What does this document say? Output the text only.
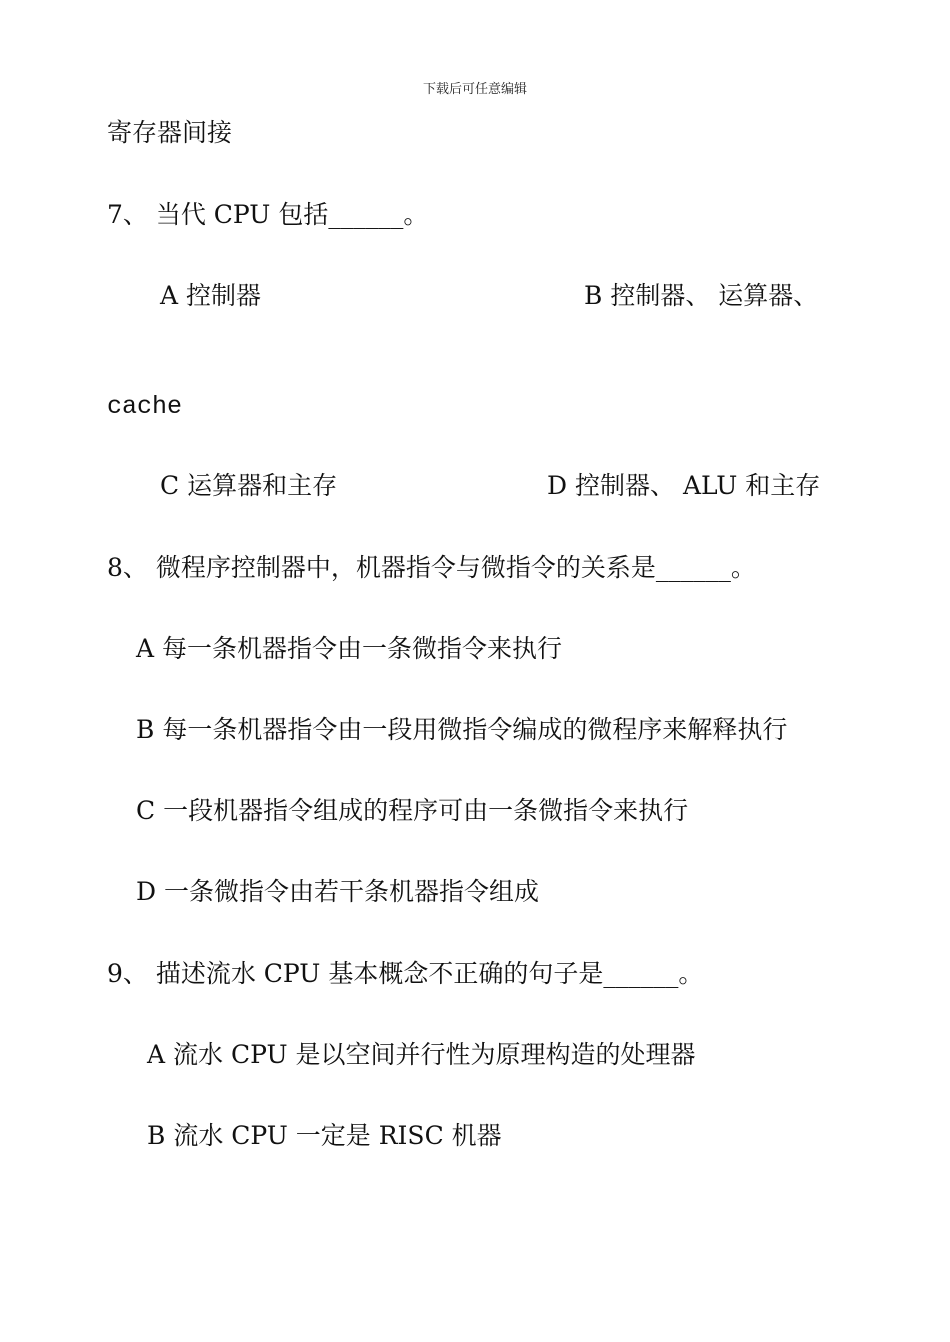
下载后可任意编辑
寄存器间接
7、 当代 CPU 包括______。
A 控制器	B 控制器、 运算器、
cache
C 运算器和主存	D 控制器、 ALU 和主存
8、 微程序控制器中，机器指令与微指令的关系是______。
A 每一条机器指令由一条微指令来执行
B 每一条机器指令由一段用微指令编成的微程序来解释执行
C 一段机器指令组成的程序可由一条微指令来执行
D 一条微指令由若干条机器指令组成
9、 描述流水 CPU 基本概念不正确的句子是______。
A 流水 CPU 是以空间并行性为原理构造的处理器
B 流水 CPU 一定是 RISC 机器
